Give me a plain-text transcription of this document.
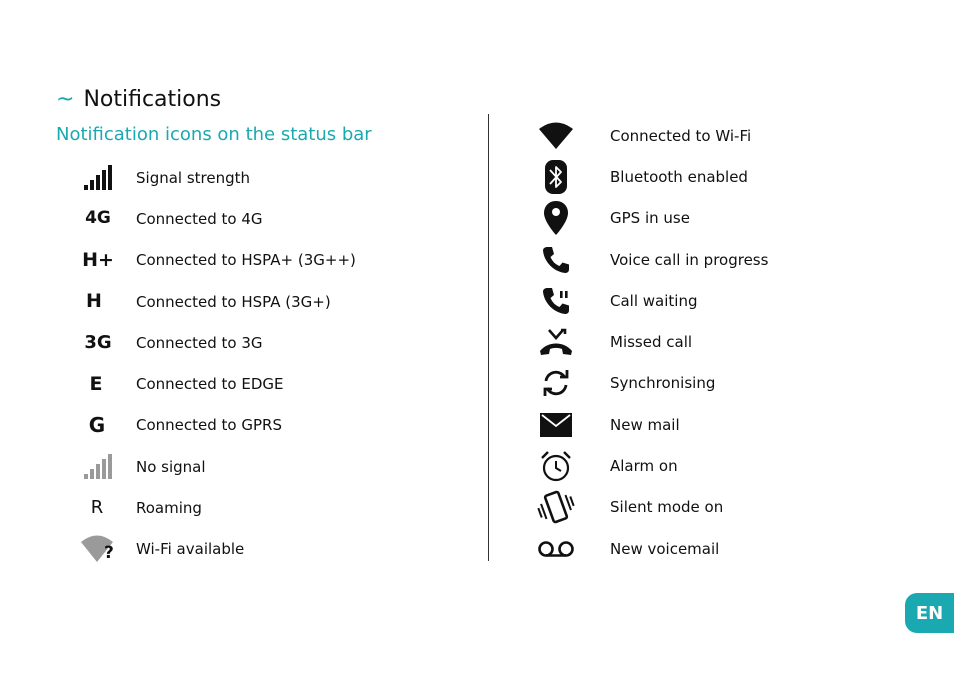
~ Notifications
Notification icons on the status bar
Signal strength
4G Connected to 4G
H+ Connected to HSPA+ (3G++)
H Connected to HSPA (3G+)
3G Connected to 3G
E Connected to EDGE
G Connected to GPRS
No signal
R Roaming
? Wi-Fi available
Connected to Wi-Fi
Bluetooth enabled
GPS in use
Voice call in progress
Call waiting
Missed call
Synchronising
New mail
Alarm on
Silent mode on
New voicemail
EN
